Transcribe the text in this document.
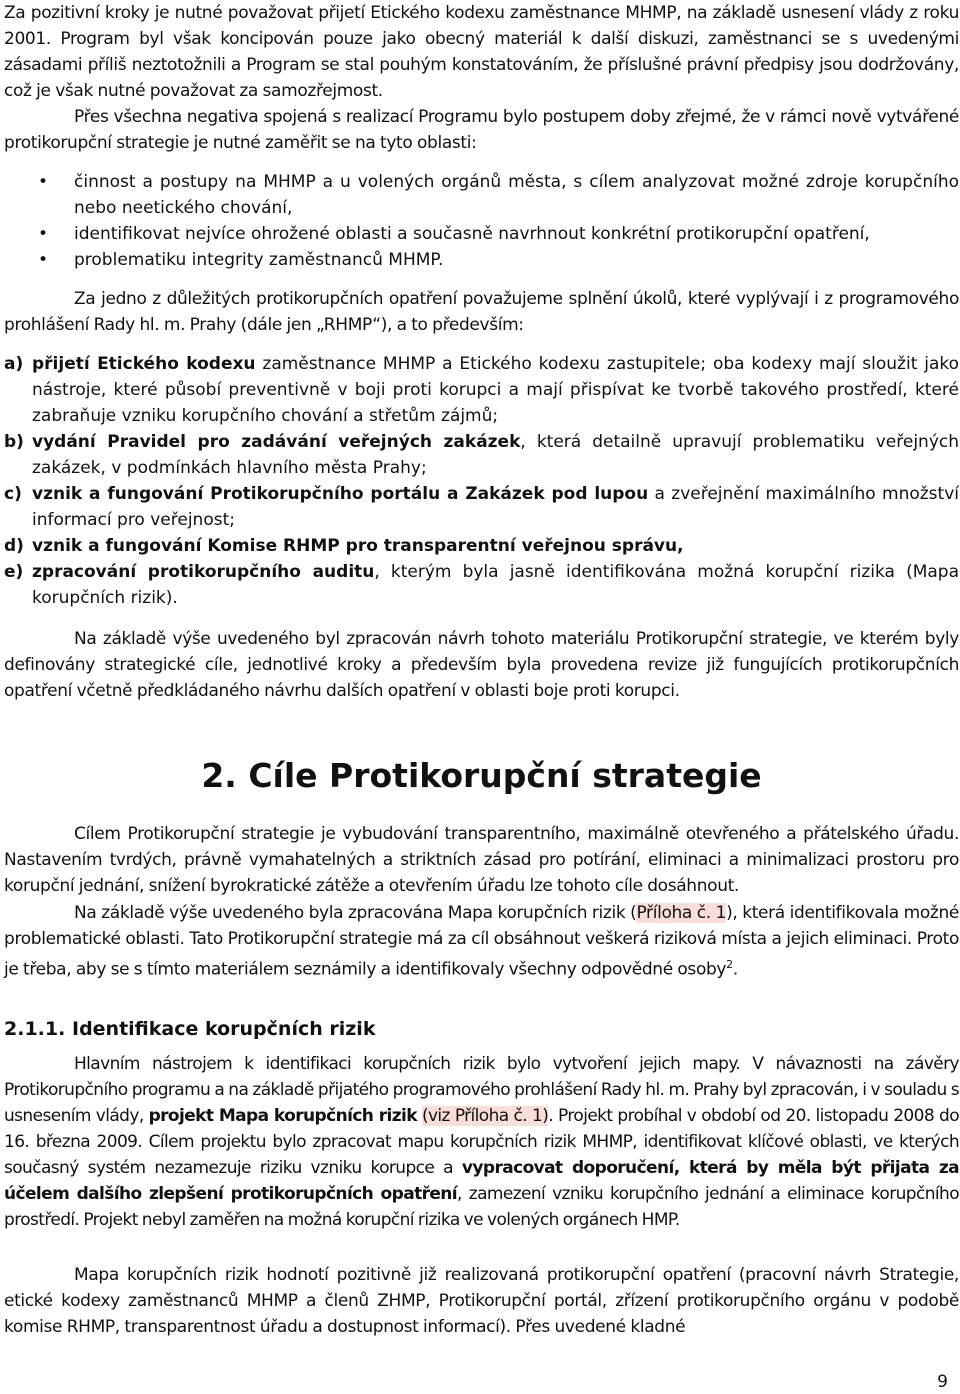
Za pozitivní kroky je nutné považovat přijetí Etického kodexu zaměstnance MHMP, na základě usnesení vlády z roku 2001. Program byl však koncipován pouze jako obecný materiál k další diskuzi, zaměstnanci se s uvedenými zásadami příliš neztotožnili a Program se stal pouhým konstatováním, že příslušné právní předpisy jsou dodržovány, což je však nutné považovat za samozřejmost.

Přes všechna negativa spojená s realizací Programu bylo postupem doby zřejmé, že v rámci nově vytvářené protikorupční strategie je nutné zaměřit se na tyto oblasti:

• činnost a postupy na MHMP a u volených orgánů města, s cílem analyzovat možné zdroje korupčního nebo neetického chování,
• identifikovat nejvíce ohrožené oblasti a současně navrhnout konkrétní protikorupční opatření,
• problematiku integrity zaměstnanců MHMP.

Za jedno z důležitých protikorupčních opatření považujeme splnění úkolů, které vyplývají i z programového prohlášení Rady hl. m. Prahy (dále jen „RHMP“), a to především:

a) přijetí Etického kodexu zaměstnance MHMP a Etického kodexu zastupitele; oba kodexy mají sloužit jako nástroje, které působí preventivně v boji proti korupci a mají přispívat ke tvorbě takového prostředí, které zabraňuje vzniku korupčního chování a střetům zájmů;
b) vydání Pravidel pro zadávání veřejných zakázek, která detailně upravují problematiku veřejných zakázek, v podmínkách hlavního města Prahy;
c) vznik a fungování Protikorupčního portálu a Zakázek pod lupou a zveřejnění maximálního množství informací pro veřejnost;
d) vznik a fungování Komise RHMP pro transparentní veřejnou správu,
e) zpracování protikorupčního auditu, kterým byla jasně identifikována možná korupční rizika (Mapa korupčních rizik).

Na základě výše uvedeného byl zpracován návrh tohoto materiálu Protikorupční strategie, ve kterém byly definovány strategické cíle, jednotlivé kroky a především byla provedena revize již fungujících protikorupčních opatření včetně předkládaného návrhu dalších opatření v oblasti boje proti korupci.

2. Cíle Protikorupční strategie

Cílem Protikorupční strategie je vybudování transparentního, maximálně otevřeného a přátelského úřadu. Nastavením tvrdých, právně vymahatelných a striktních zásad pro potírání, eliminaci a minimalizaci prostoru pro korupční jednání, snížení byrokratické zátěže a otevřením úřadu lze tohoto cíle dosáhnout.

Na základě výše uvedeného byla zpracována Mapa korupčních rizik (Příloha č. 1), která identifikovala možné problematické oblasti. Tato Protikorupční strategie má za cíl obsáhnout veškerá riziková místa a jejich eliminaci. Proto je třeba, aby se s tímto materiálem seznámily a identifikovaly všechny odpovědné osoby$^2$.

2.1.1. Identifikace korupčních rizik

Hlavním nástrojem k identifikaci korupčních rizik bylo vytvoření jejich mapy. V návaznosti na závěry Protikorupčního programu a na základě přijatého programového prohlášení Rady hl. m. Prahy byl zpracován, i v souladu s usnesením vlády, projekt Mapa korupčních rizik (viz Příloha č. 1). Projekt probíhal v období od 20. listopadu 2008 do 16. března 2009. Cílem projektu bylo zpracovat mapu korupčních rizik MHMP, identifikovat klíčové oblasti, ve kterých současný systém nezamezuje riziku vzniku korupce a vypracovat doporučení, která by měla být přijata za účelem dalšího zlepšení protikorupčních opatření, zamezení vzniku korupčního jednání a eliminace korupčního prostředí. Projekt nebyl zaměřen na možná korupční rizika ve volených orgánech HMP.

Mapa korupčních rizik hodnotí pozitivně již realizovaná protikorupční opatření (pracovní návrh Strategie, etické kodexy zaměstnanců MHMP a členů ZHMP, Protikorupční portál, zřízení protikorupčního orgánu v podobě komise RHMP, transparentnost úřadu a dostupnost informací). Přes uvedené kladné

9
